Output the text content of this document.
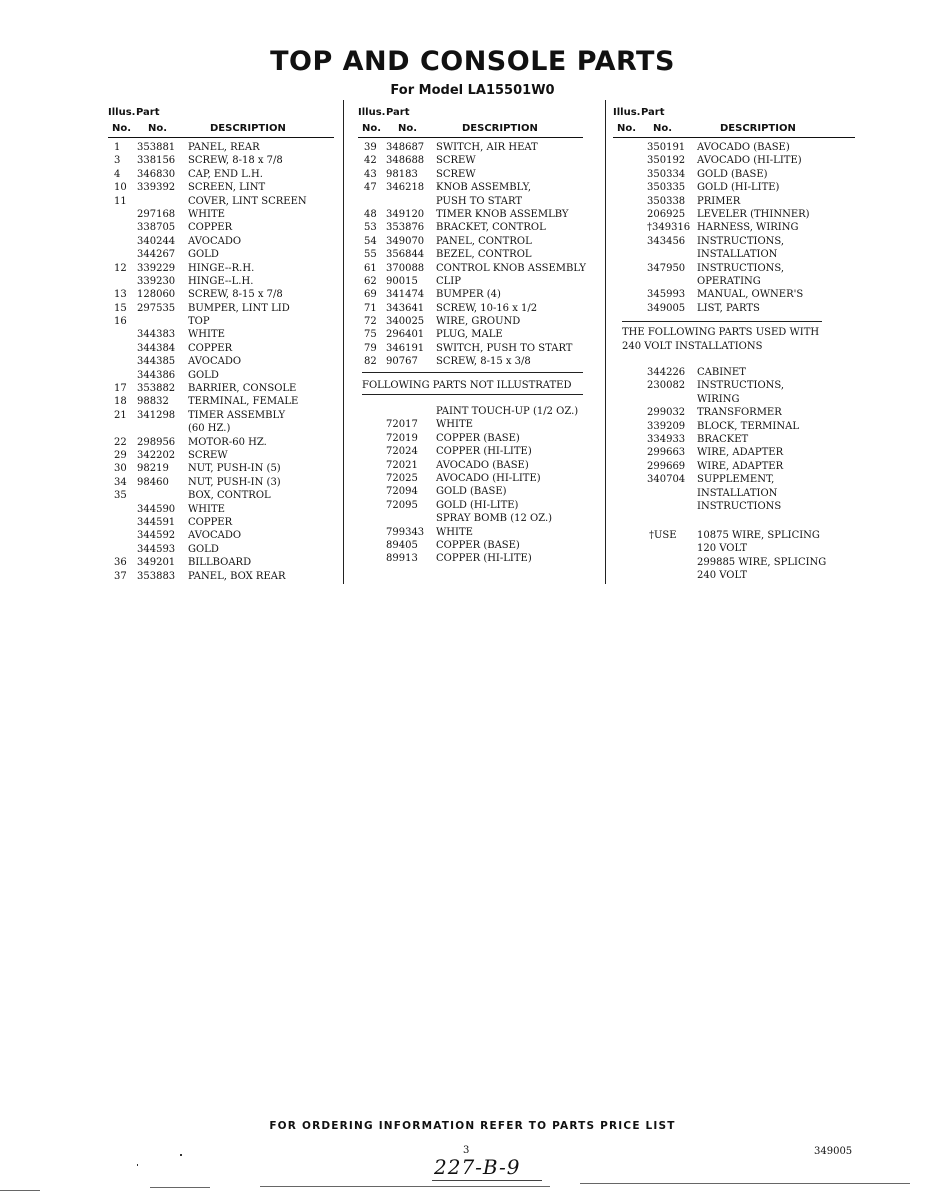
TOP AND CONSOLE PARTS
For Model LA15501W0
Illus. Part
No. No.	DESCRIPTION
1 353881 PANEL, REAR
3 338156 SCREW, 8-18 x 7/8
4 346830 CAP, END L.H.
10 339392 SCREEN, LINT
11	COVER, LINT SCREEN
297168 WHITE
338705 COPPER
340244 AVOCADO
344267 GOLD
12 339229 HINGE--R.H.
339230 HINGE--L.H.
13 128060 SCREW, 8-15 x 7/8
15 297535 BUMPER, LINT LID
16	TOP
344383 WHITE
344384 COPPER
344385 AVOCADO
344386 GOLD
17 353882 BARRIER, CONSOLE
18 98832 TERMINAL, FEMALE
21 341298 TIMER ASSEMBLY
(60 HZ.)
22 298956 MOTOR-60 HZ.
29 342202 SCREW
30 98219 NUT, PUSH-IN (5)
34 98460 NUT, PUSH-IN (3)
35	BOX, CONTROL
344590 WHITE
344591 COPPER
344592 AVOCADO
344593 GOLD
36 349201 BILLBOARD
37 353883 PANEL, BOX REAR
Illus. Part
No. No.	DESCRIPTION
39 348687 SWITCH, AIR HEAT
42 348688 SCREW
43 98183 SCREW
47 346218 KNOB ASSEMBLY,
PUSH TO START
48 349120 TIMER KNOB ASSEMLBY
53 353876 BRACKET, CONTROL
54 349070 PANEL, CONTROL
55 356844 BEZEL, CONTROL
61 370088 CONTROL KNOB ASSEMBLY
62 90015 CLIP
69 341474 BUMPER (4)
71 343641 SCREW, 10-16 x 1/2
72 340025 WIRE, GROUND
75 296401 PLUG, MALE
79 346191 SWITCH, PUSH TO START
82 90767 SCREW, 8-15 x 3/8
FOLLOWING PARTS NOT ILLUSTRATED
PAINT TOUCH-UP (1/2 OZ.)
72017 WHITE
72019 COPPER (BASE)
72024 COPPER (HI-LITE)
72021 AVOCADO (BASE)
72025 AVOCADO (HI-LITE)
72094 GOLD (BASE)
72095 GOLD (HI-LITE)
SPRAY BOMB (12 OZ.)
799343 WHITE
89405 COPPER (BASE)
89913 COPPER (HI-LITE)
Illus. Part
No. No.	DESCRIPTION
350191 AVOCADO (BASE)
350192 AVOCADO (HI-LITE)
350334 GOLD (BASE)
350335 GOLD (HI-LITE)
350338 PRIMER
206925 LEVELER (THINNER)
†349316 HARNESS, WIRING
343456 INSTRUCTIONS,
INSTALLATION
347950 INSTRUCTIONS,
OPERATING
345993 MANUAL, OWNER'S
349005 LIST, PARTS
THE FOLLOWING PARTS USED WITH
240 VOLT INSTALLATIONS
344226 CABINET
230082 INSTRUCTIONS,
WIRING
299032 TRANSFORMER
339209 BLOCK, TERMINAL
334933 BRACKET
299663 WIRE, ADAPTER
299669 WIRE, ADAPTER
340704 SUPPLEMENT,
INSTALLATION
INSTRUCTIONS
†USE 10875 WIRE, SPLICING
120 VOLT
299885 WIRE, SPLICING
240 VOLT
FOR ORDERING INFORMATION REFER TO PARTS PRICE LIST
3
227-B-9
349005
